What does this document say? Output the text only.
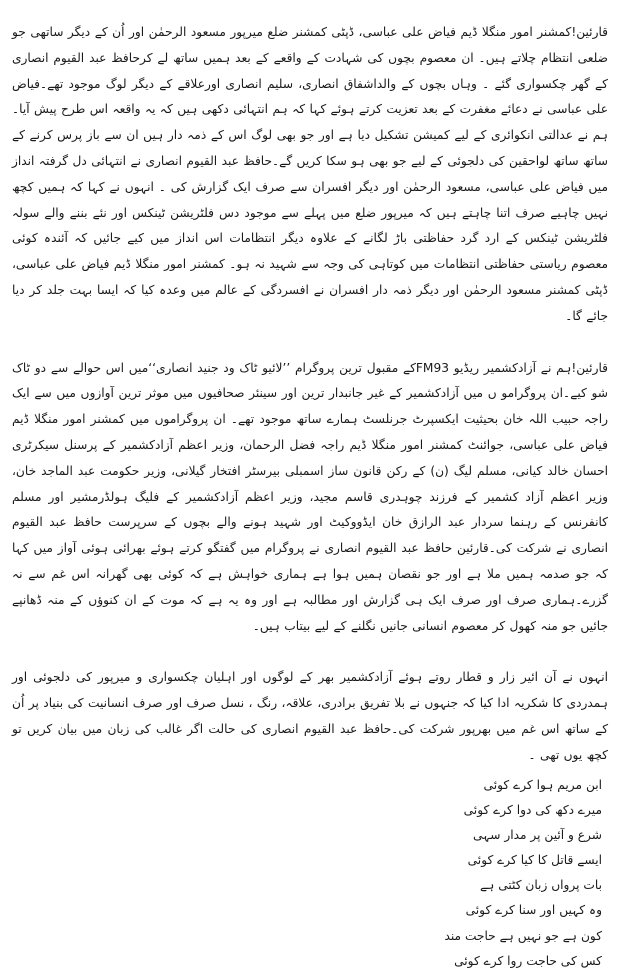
قارئین!کمشنر امور منگلا ڈیم فیاض علی عباسی، ڈپٹی کمشنر ضلع میرپور مسعود الرحمٰن اور اُن کے دیگر ساتھی جو ضلعی انتظام چلاتے ہیں۔ ان معصوم بچوں کی شہادت کے واقعے کے بعد ہمیں ساتھ لے کرحافظ عبد القیوم انصاری کے گھر چکسواری گئے ۔ وہاں بچوں کے والداشفاق انصاری، سلیم انصاری اورعلاقے کے دیگر لوگ موجود تھے۔فیاض علی عباسی نے دعائے مغفرت کے بعد تعزیت کرتے ہوئے کہا کہ ہم انتہائی دکھی ہیں کہ یہ واقعہ اس طرح پیش آیا۔ ہم نے عدالتی انکوائری کے لیے کمیشن تشکیل دیا ہے اور جو بھی لوگ اس کے ذمہ دار ہیں ان سے باز پرس کرنے کے ساتھ ساتھ لواحقین کی دلجوئی کے لیے جو بھی ہو سکا کریں گے۔حافظ عبد القیوم انصاری نے انتہائی دل گرفتہ انداز میں فیاض علی عباسی، مسعود الرحمٰن اور دیگر افسران سے صرف ایک گزارش کی ۔ انہوں نے کہا کہ ہمیں کچھ نہیں چاہیے صرف اتنا چاہتے ہیں کہ میرپور ضلع میں پہلے سے موجود دس فلٹریشن ٹینکس اور نئے بننے والے سولہ فلٹریشن ٹینکس کے ارد گرد حفاظتی باڑ لگانے کے علاوہ دیگر انتظامات اس انداز میں کیے جائیں کہ آئندہ کوئی معصوم ریاستی حفاظتی انتظامات میں کوتاہی کی وجہ سے شہید نہ ہو۔ کمشنر امور منگلا ڈیم فیاض علی عباسی، ڈپٹی کمشنر مسعود الرحمٰن اور دیگر ذمہ دار افسران نے افسردگی کے عالم میں وعدہ کیا کہ ایسا بہت جلد کر دیا جائے گا۔

قارئین!ہم نے آزادکشمیر ریڈیو FM93کے مقبول ترین پروگرام ’’لائیو ٹاک ود جنید انصاری‘‘میں اس حوالے سے دو ٹاک شو کیے۔ان پروگرامو ں میں آزادکشمیر کے غیر جانبدار ترین اور سینئر صحافیوں میں موثر ترین آوازوں میں سے ایک راجہ حبیب اللہ خان بحیثیت ایکسپرٹ جرنلسٹ ہمارے ساتھ موجود تھے۔ ان پروگراموں میں کمشنر امور منگلا ڈیم فیاض علی عباسی، جوائنٹ کمشنر امور منگلا ڈیم راجہ فضل الرحمان، وزیر اعظم آزادکشمیر کے پرسنل سیکرٹری احسان خالد کیانی، مسلم لیگ (ن) کے رکن قانون ساز اسمبلی بیرسٹر افتخار گیلانی، وزیر حکومت عبد الماجد خان، وزیر اعظم آزاد کشمیر کے فرزند چوہدری قاسم مجید، وزیر اعظم آزادکشمیر کے فلیگ ہولڈرمشیر اور مسلم کانفرنس کے رہنما سردار عبد الرازق خان ایڈووکیٹ اور شہید ہونے والے بچوں کے سرپرست حافظ عبد القیوم انصاری نے شرکت کی۔قارئین حافظ عبد القیوم انصاری نے پروگرام میں گفتگو کرتے ہوئے بھرائی ہوئی آواز میں کہا کہ جو صدمہ ہمیں ملا ہے اور جو نقصان ہمیں ہوا ہے ہماری خواہش ہے کہ کوئی بھی گھرانہ اس غم سے نہ گزرے۔ہماری صرف اور صرف ایک ہی گزارش اور مطالبہ ہے اور وہ یہ ہے کہ موت کے ان کنوؤں کے منہ ڈھانپے جائیں جو منہ کھول کر معصوم انسانی جانیں نگلنے کے لیے بیتاب ہیں۔

انہوں نے آن ائیر زار و قطار روتے ہوئے آزادکشمیر بھر کے لوگوں اور اہلیان چکسواری و میرپور کی دلجوئی اور ہمدردی کا شکریہ ادا کیا کہ جنہوں نے بلا تفریق برادری، علاقہ، رنگ ، نسل صرف اور صرف انسانیت کی بنیاد پر اُن کے ساتھ اس غم میں بھرپور شرکت کی۔حافظ عبد القیوم انصاری کی حالت اگر غالب کی زبان میں بیان کریں تو کچھ یوں تھی ۔

ابن مریم ہوا کرے کوئی
میرے دکھ کی دوا کرے کوئی
شرع و آئین پر مدار سہی
ایسے قاتل کا کیا کرے کوئی
بات پرواں زبان کٹتی ہے
وہ کہیں اور سنا کرے کوئی
کون ہے جو نہیں ہے حاجت مند
کس کی حاجت روا کرے کوئی
